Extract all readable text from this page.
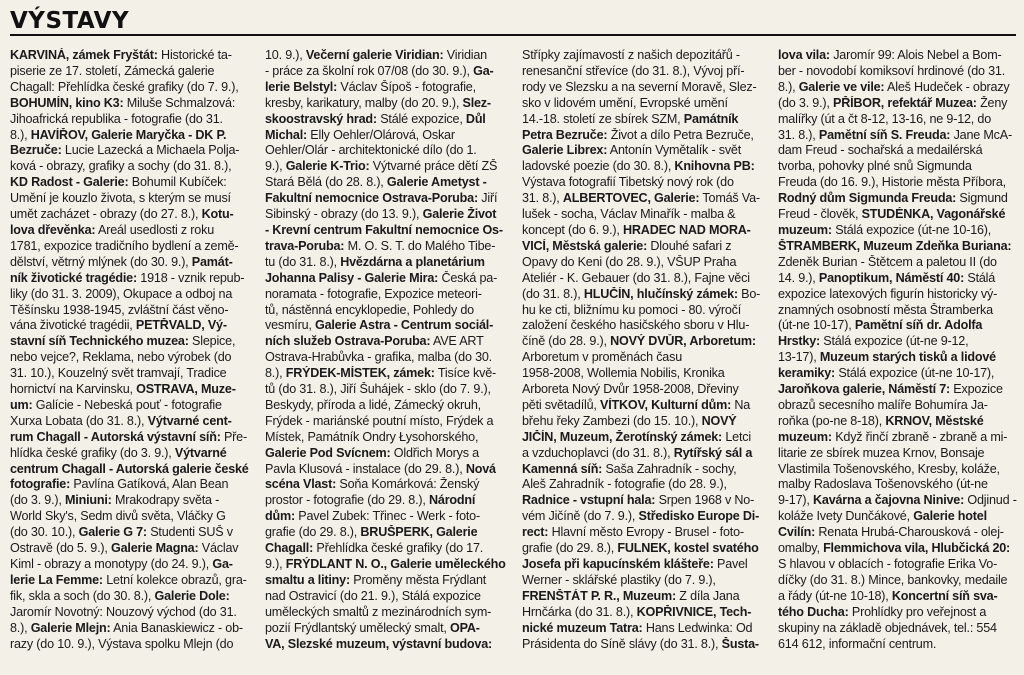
VÝSTAVY
KARVINÁ, zámek Fryštát: Historické ta-
piserie ze 17. století, Zámecká galerie
Chagall: Přehlídka české grafiky (do 7. 9.),
BOHUMÍN, kino K3: Miluše Schmalzová:
Jihoafrická republika - fotografie (do 31.
8.), HAVÍŘOV, Galerie Maryčka - DK P.
Bezruče: Lucie Lazecká a Michaela Polja-
ková - obrazy, grafiky a sochy (do 31. 8.),
KD Radost - Galerie: Bohumil Kubíček:
Umění je kouzlo života, s kterým se musí
umět zacházet - obrazy (do 27. 8.), Kotu-
lova dřevěnka: Areál usedlosti z roku
1781, expozice tradičního bydlení a země-
dělství, větrný mlýnek (do 30. 9.), Památ-
ník životické tragédie: 1918 - vznik repub-
liky (do 31. 3. 2009), Okupace a odboj na
Těšínsku 1938-1945, zvláštní část věno-
vána životické tragédii, PETŘVALD, Vý-
stavní síň Technického muzea: Slepice,
nebo vejce?, Reklama, nebo výrobek (do
31. 10.), Kouzelný svět tramvají, Tradice
hornictví na Karvinsku, OSTRAVA, Muze-
um: Galície - Nebeská pouť - fotografie
Xurxa Lobata (do 31. 8.), Výtvarné cent-
rum Chagall - Autorská výstavní síň: Pře-
hlídka české grafiky (do 3. 9.), Výtvarné
centrum Chagall - Autorská galerie české
fotografie: Pavlína Gatíková, Alan Bean
(do 3. 9.), Miniuni: Mrakodrapy světa -
World Sky's, Sedm divů světa, Vláčky G
(do 30. 10.), Galerie G 7: Studenti SUŠ v
Ostravě (do 5. 9.), Galerie Magna: Václav
Kiml - obrazy a monotypy (do 24. 9.), Ga-
lerie La Femme: Letní kolekce obrazů, gra-
fik, skla a soch (do 30. 8.), Galerie Dole:
Jaromír Novotný: Nouzový východ (do 31.
8.), Galerie Mlejn: Ania Banaskiewicz - ob-
razy (do 10. 9.), Výstava spolku Mlejn (do
10. 9.), Večerní galerie Viridian: Viridian
- práce za školní rok 07/08 (do 30. 9.), Ga-
lerie Belstyl: Václav Šípoš - fotografie,
kresby, karikatury, malby (do 20. 9.), Slez-
skoostravský hrad: Stálé expozice, Důl
Michal: Elly Oehler/Olárová, Oskar
Oehler/Olár - architektonické dílo (do 1.
9.), Galerie K-Trio: Výtvarné práce dětí ZŠ
Stará Bělá (do 28. 8.), Galerie Ametyst -
Fakultní nemocnice Ostrava-Poruba: Jiří
Sibinský - obrazy (do 13. 9.), Galerie Život
- Krevní centrum Fakultní nemocnice Os-
trava-Poruba: M. O. S. T. do Malého Tibe-
tu (do 31. 8.), Hvězdárna a planetárium
Johanna Palisy - Galerie Mira: Česká pa-
noramata - fotografie, Expozice meteori-
tů, nástěnná encyklopedie, Pohledy do
vesmíru, Galerie Astra - Centrum sociál-
ních služeb Ostrava-Poruba: AVE ART
Ostrava-Hrabůvka - grafika, malba (do 30.
8.), FRÝDEK-MÍSTEK, zámek: Tisíce kvě-
tů (do 31. 8.), Jiří Šuhájek - sklo (do 7. 9.),
Beskydy, příroda a lidé, Zámecký okruh,
Frýdek - mariánské poutní místo, Frýdek a
Místek, Památník Ondry Łysohorského,
Galerie Pod Svícnem: Oldřich Morys a
Pavla Klusová - instalace (do 29. 8.), Nová
scéna Vlast: Soňa Komárková: Ženský
prostor - fotografie (do 29. 8.), Národní
dům: Pavel Zubek: Třinec - Werk - foto-
grafie (do 29. 8.), BRUŠPERK, Galerie
Chagall: Přehlídka české grafiky (do 17.
9.), FRÝDLANT N. O., Galerie uměleckého
smaltu a litiny: Proměny města Frýdlant
nad Ostravicí (do 21. 9.), Stálá expozice
uměleckých smaltů z mezinárodních sym-
pozií Frýdlantský umělecký smalt, OPA-
VA, Slezské muzeum, výstavní budova:
Střípky zajímavostí z našich depozitářů -
renesanční střevíce (do 31. 8.), Vývoj pří-
rody ve Slezsku a na severní Moravě, Slez-
sko v lidovém umění, Evropské umění
14.-18. století ze sbírek SZM, Památník
Petra Bezruče: Život a dílo Petra Bezruče,
Galerie Librex: Antonín Vymětalík - svět
ladovské poezie (do 30. 8.), Knihovna PB:
Výstava fotografií Tibetský nový rok (do
31. 8.), ALBERTOVEC, Galerie: Tomáš Va-
lušek - socha, Václav Minařík - malba &
koncept (do 6. 9.), HRADEC NAD MORA-
VICÍ, Městská galerie: Dlouhé safari z
Opavy do Keni (do 28. 9.), VŠUP Praha
Ateliér - K. Gebauer (do 31. 8.), Fajne věci
(do 31. 8.), HLUČÍN, hlučínský zámek: Bo-
hu ke cti, bližnímu ku pomoci - 80. výročí
založení českého hasičského sboru v Hlu-
číně (do 28. 9.), NOVÝ DVŮR, Arboretum:
Arboretum v proměnách času
1958-2008, Wollemia Nobilis, Kronika
Arboreta Nový Dvůr 1958-2008, Dřeviny
pěti světadílů, VÍTKOV, Kulturní dům: Na
břehu řeky Zambezi (do 15. 10.), NOVÝ
JIČÍN, Muzeum, Žerotínský zámek: Letci
a vzduchoplavci (do 31. 8.), Rytířský sál a
Kamenná síň: Saša Zahradník - sochy,
Aleš Zahradník - fotografie (do 28. 9.),
Radnice - vstupní hala: Srpen 1968 v No-
vém Jičíně (do 7. 9.), Středisko Europe Di-
rect: Hlavní město Evropy - Brusel - foto-
grafie (do 29. 8.), FULNEK, kostel svatého
Josefa při kapucínském klášteře: Pavel
Werner - sklářské plastiky (do 7. 9.),
FRENŠTÁT P. R., Muzeum: Z díla Jana
Hrnčárka (do 31. 8.), KOPŘIVNICE, Tech-
nické muzeum Tatra: Hans Ledwinka: Od
Prásidenta do Síně slávy (do 31. 8.), Šusta-
lova vila: Jaromír 99: Alois Nebel a Bom-
ber - novodobí komiksoví hrdinové (do 31.
8.), Galerie ve vile: Aleš Hudeček - obrazy
(do 3. 9.), PŘÍBOR, refektář Muzea: Ženy
malířky (út a čt 8-12, 13-16, ne 9-12, do
31. 8.), Pamětní síň S. Freuda: Jane McA-
dam Freud - sochařská a medailérská
tvorba, pohovky plné snů Sigmunda
Freuda (do 16. 9.), Historie města Příbora,
Rodný dům Sigmunda Freuda: Sigmund
Freud - člověk, STUDÉNKA, Vagonářské
muzeum: Stálá expozice (út-ne 10-16),
ŠTRAMBERK, Muzeum Zdeňka Buriana:
Zdeněk Burian - Štětcem a paletou II (do
14. 9.), Panoptikum, Náměstí 40: Stálá
expozice latexových figurín historicky vý-
znamných osobností města Štramberka
(út-ne 10-17), Pamětní síň dr. Adolfa
Hrstky: Stálá expozice (út-ne 9-12,
13-17), Muzeum starých tisků a lidové
keramiky: Stálá expozice (út-ne 10-17),
Jaroňkova galerie, Náměstí 7: Expozice
obrazů secesního malíře Bohumíra Ja-
roňka (po-ne 8-18), KRNOV, Městské
muzeum: Když řinčí zbraně - zbraně a mi-
litarie ze sbírek muzea Krnov, Bonsaje
Vlastimila Tošenovského, Kresby, koláže,
malby Radoslava Tošenovského (út-ne
9-17), Kavárna a čajovna Ninive: Odjinud -
koláže Ivety Dunčákové, Galerie hotel
Cvilín: Renata Hrubá-Charousková - olej-
omalby, Flemmichova vila, Hlubčická 20:
S hlavou v oblacích - fotografie Erika Vo-
díčky (do 31. 8.) Mince, bankovky, medaile
a řády (út-ne 10-18), Koncertní síň sva-
tého Ducha: Prohlídky pro veřejnost a
skupiny na základě objednávek, tel.: 554
614 612, informační centrum.
